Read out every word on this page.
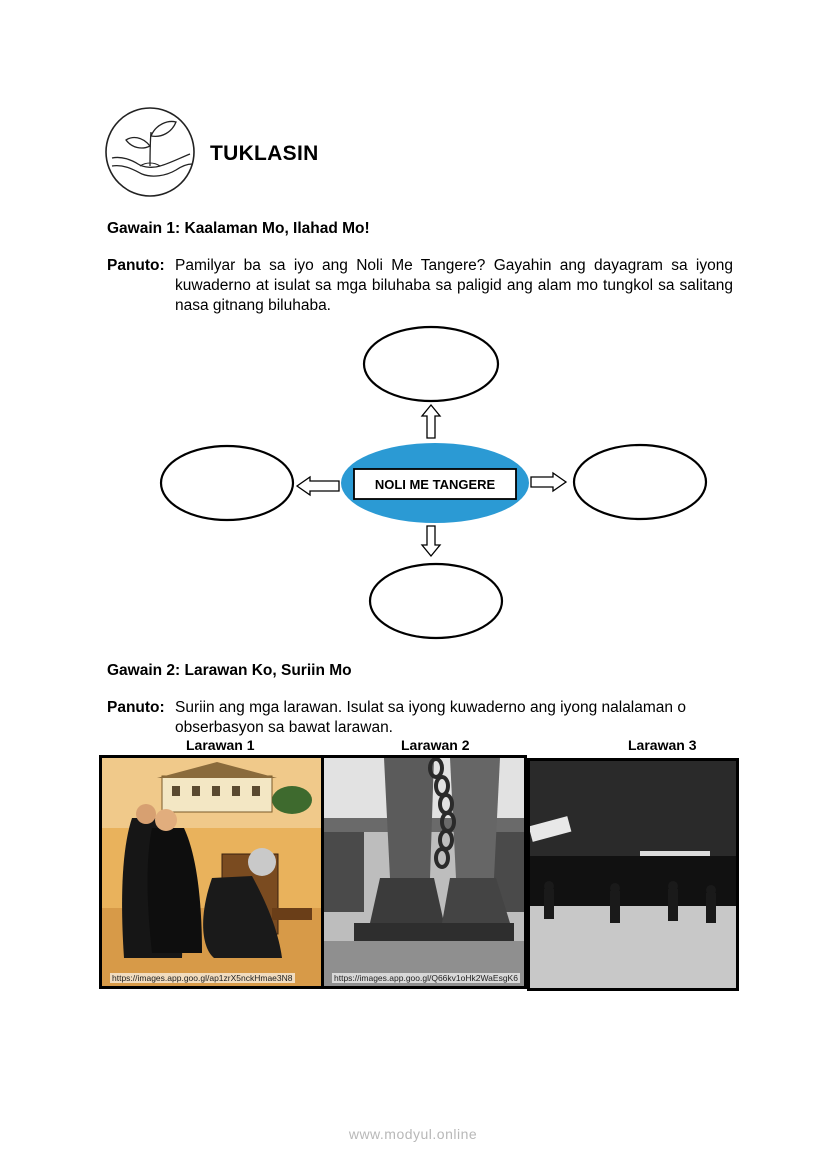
TUKLASIN
Gawain 1: Kaalaman Mo, Ilahad Mo!
Panuto: Pamilyar ba sa iyo ang Noli Me Tangere? Gayahin ang dayagram sa iyong kuwaderno at isulat sa mga biluhaba sa paligid ang alam mo tungkol sa salitang nasa gitnang biluhaba.
NOLI ME TANGERE
Gawain 2: Larawan Ko, Suriin Mo
Panuto: Suriin ang mga larawan. Isulat sa iyong kuwaderno ang iyong nalalaman o obserbasyon sa bawat larawan.
Larawan 1	Larawan 2	Larawan 3
https://images.app.goo.gl/ap1zrX5nckHmae3N8	https://images.app.goo.gl/Q66kv1oHk2WaEsgK6
www.modyul.online
